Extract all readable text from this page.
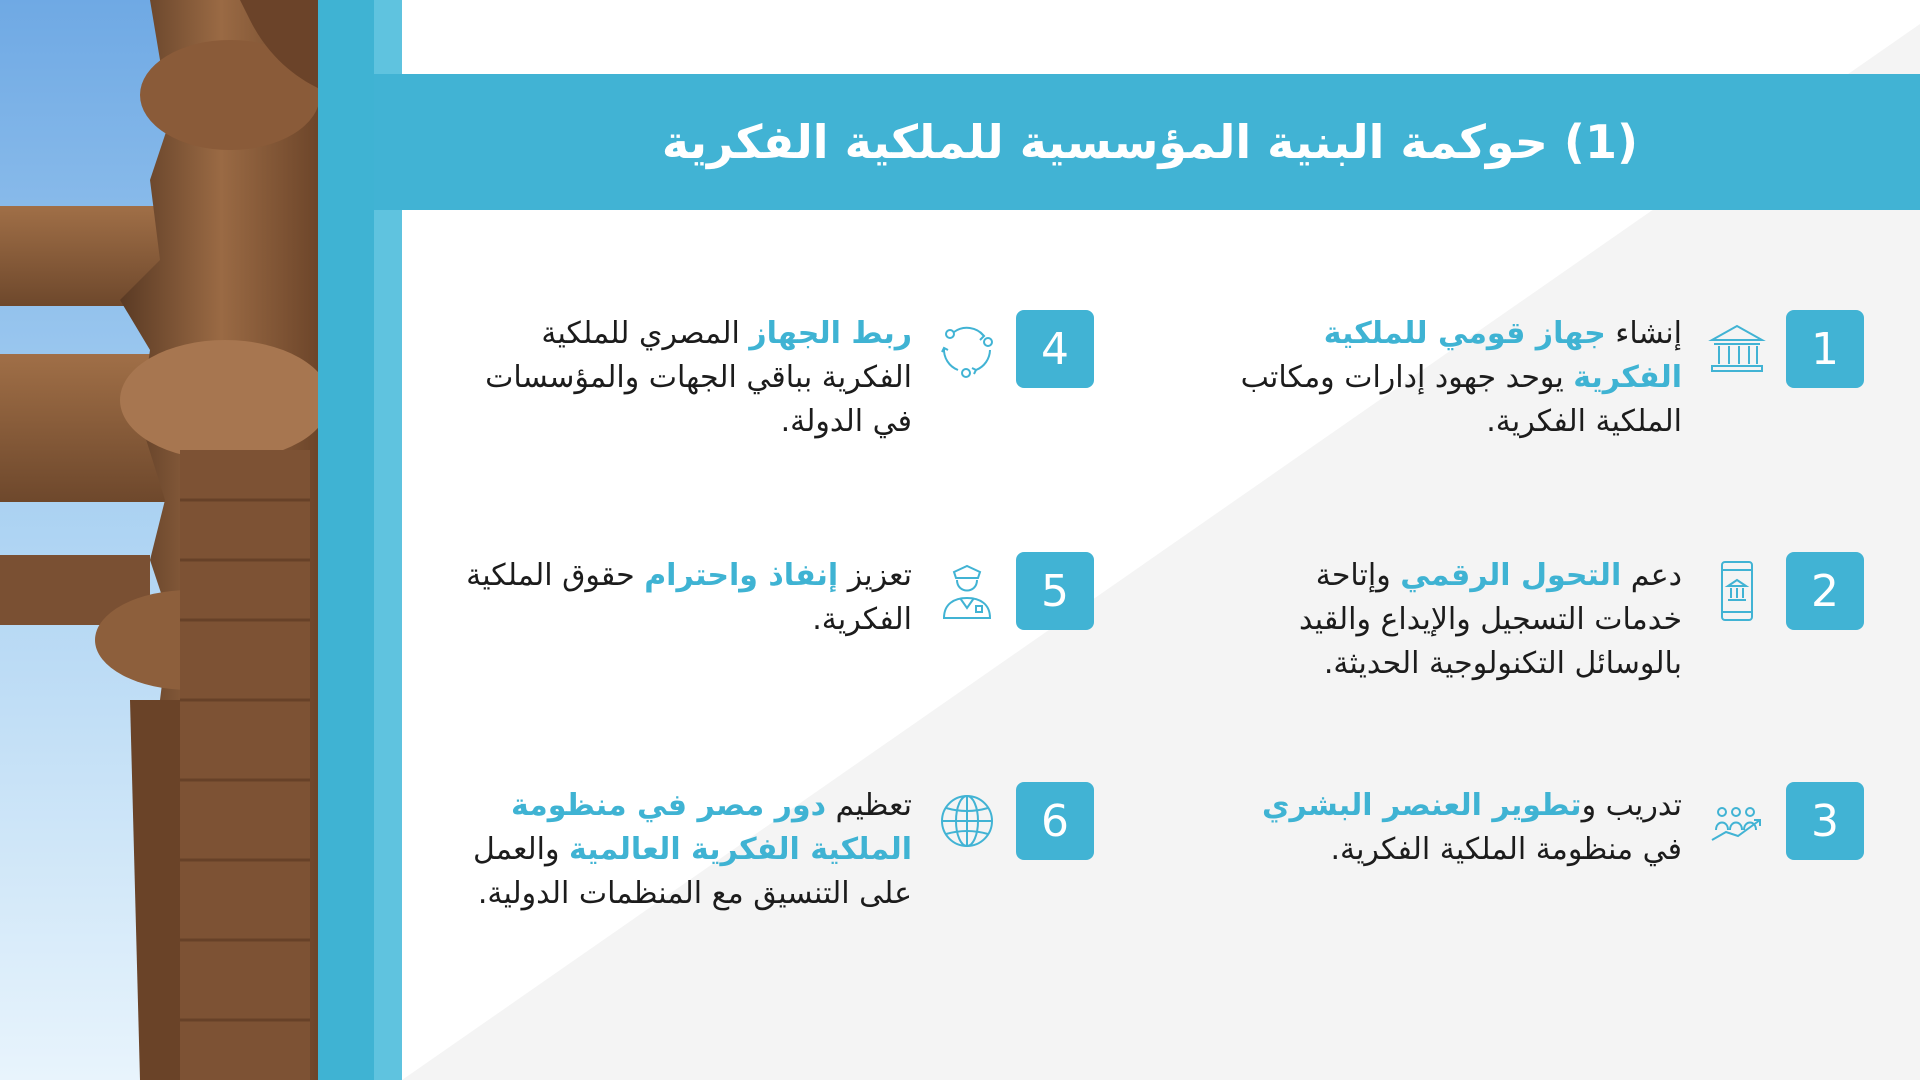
(1) حوكمة البنية المؤسسية للملكية الفكرية
1
إنشاء جهاز قومي للملكية الفكرية يوحد جهود إدارات ومكاتب الملكية الفكرية.
2
دعم التحول الرقمي وإتاحة خدمات التسجيل والإيداع والقيد بالوسائل التكنولوجية الحديثة.
3
تدريب وتطوير العنصر البشري في منظومة الملكية الفكرية.
4
ربط الجهاز المصري للملكية الفكرية بباقي الجهات والمؤسسات في الدولة.
5
تعزيز إنفاذ واحترام حقوق الملكية الفكرية.
6
تعظيم دور مصر في منظومة الملكية الفكرية العالمية والعمل على التنسيق مع المنظمات الدولية.
